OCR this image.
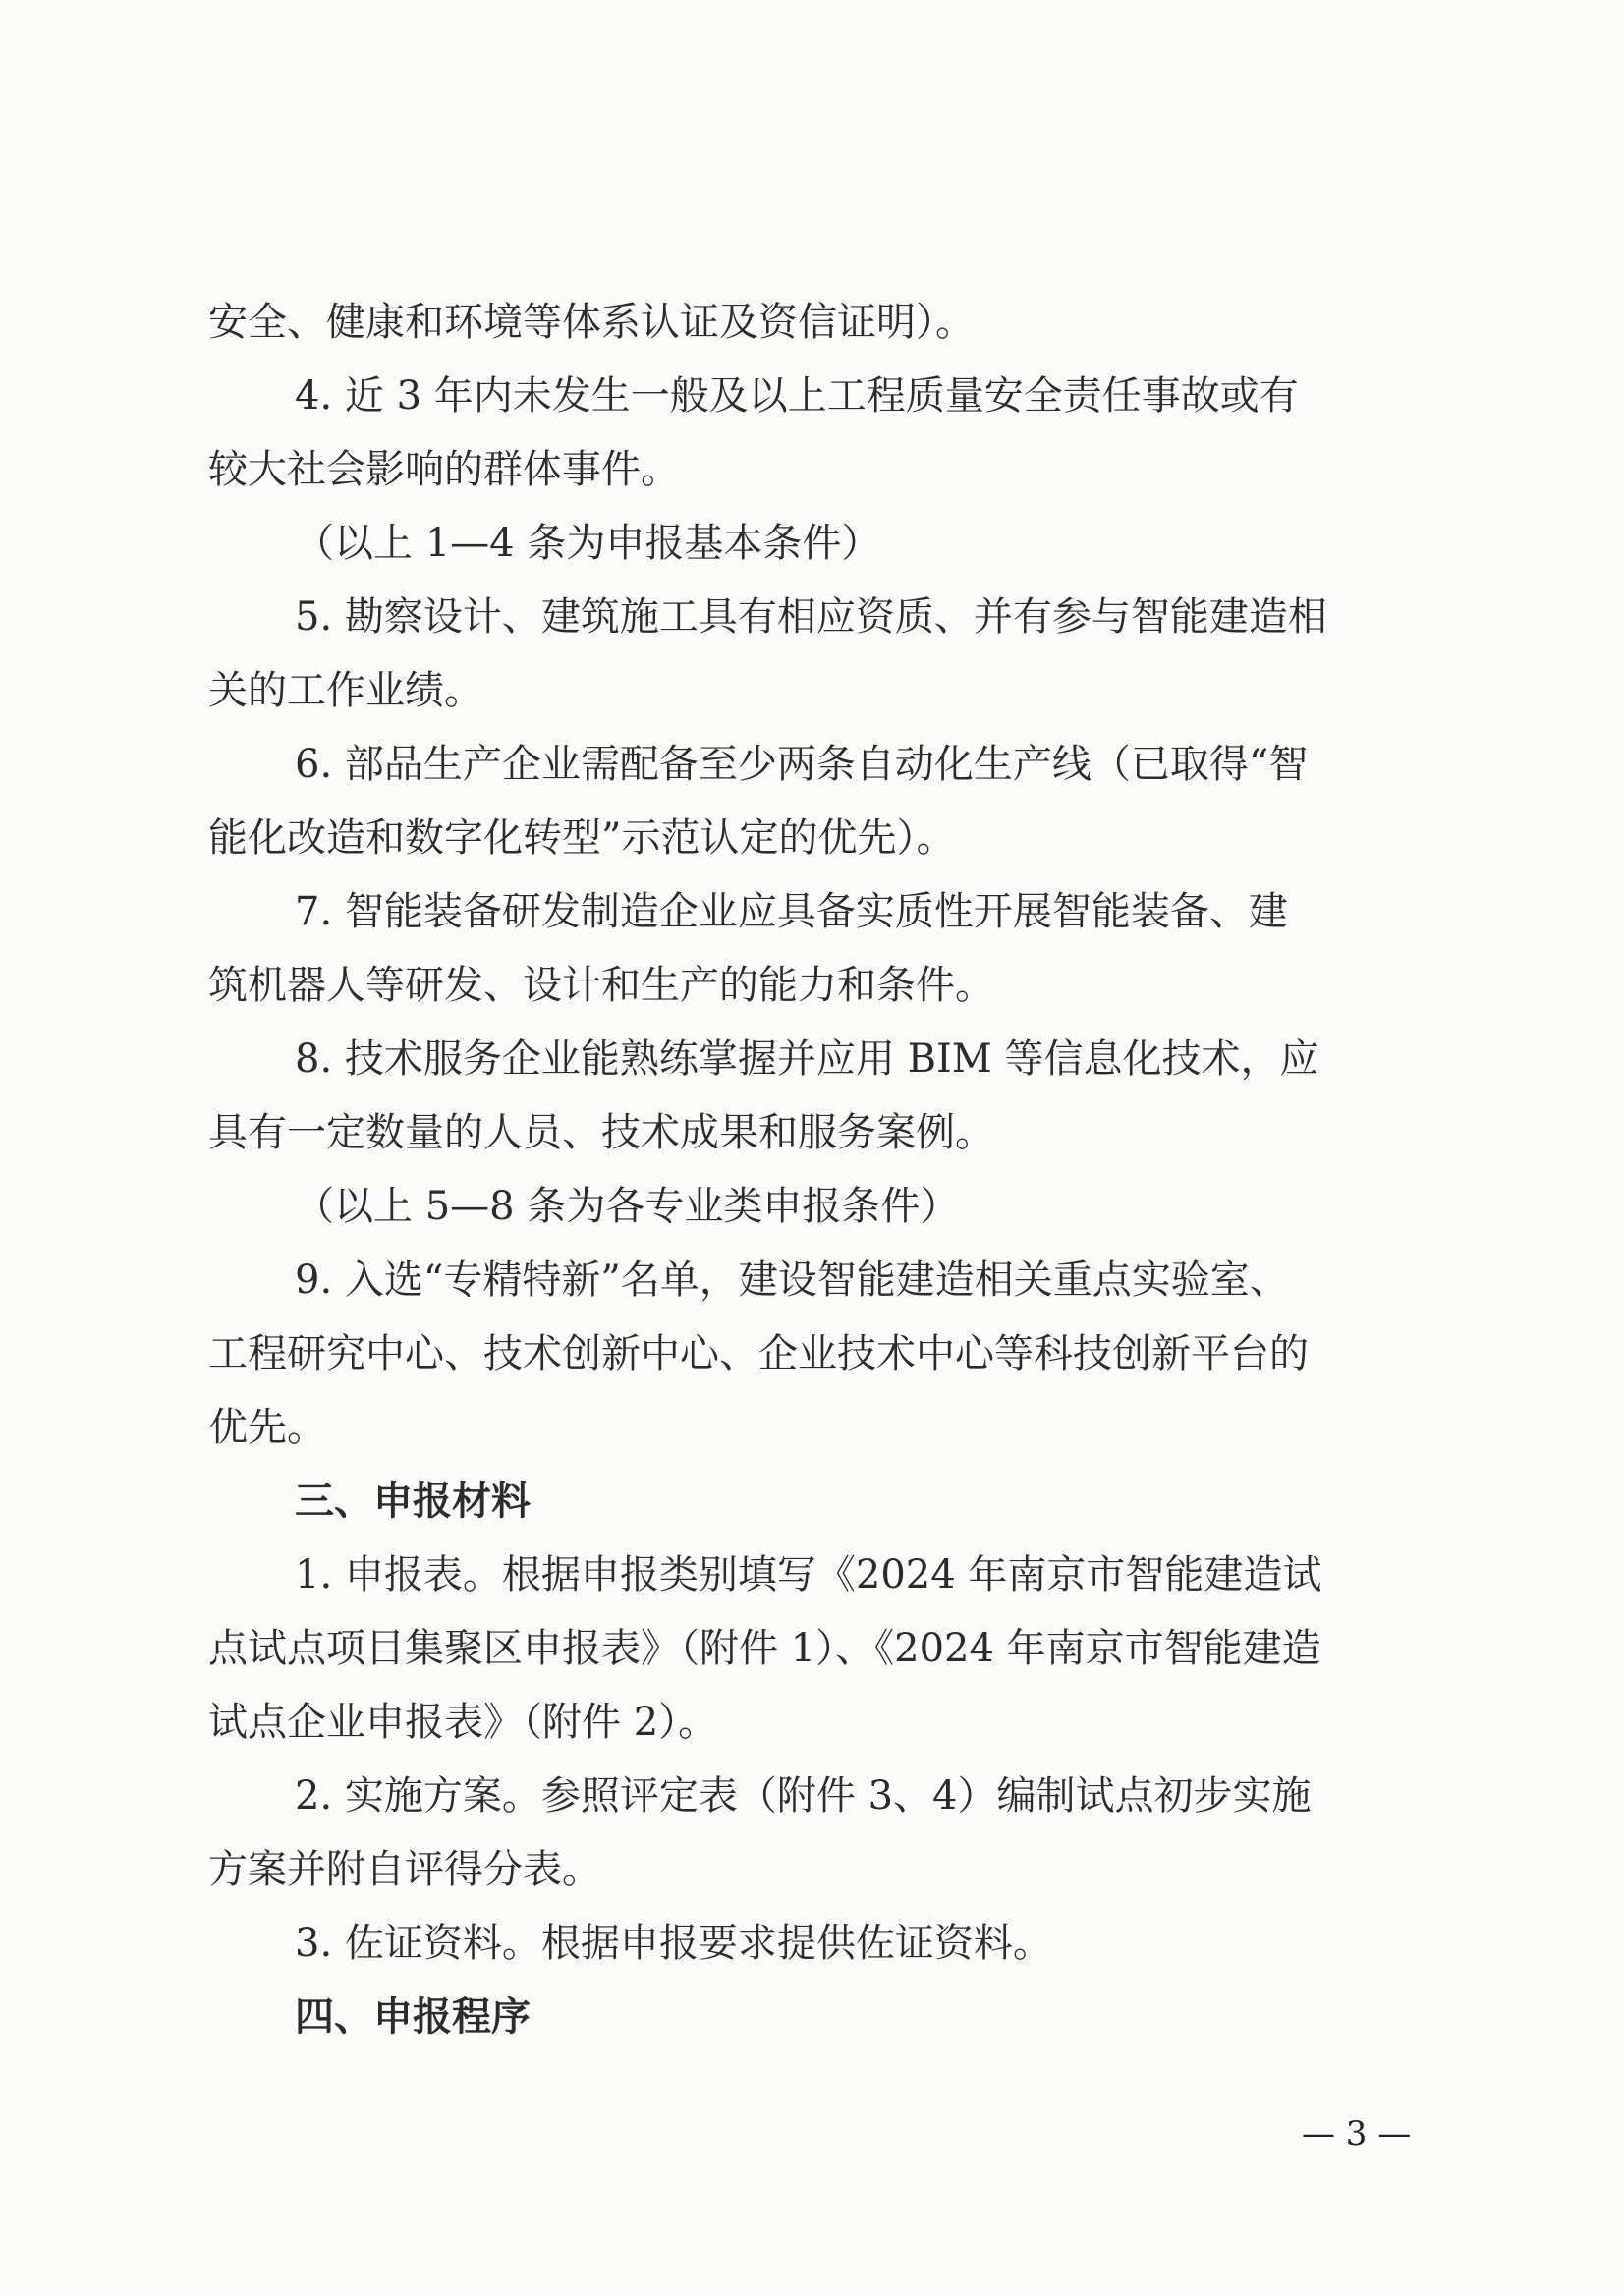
安全、健康和环境等体系认证及资信证明）。
4. 近 3 年内未发生一般及以上工程质量安全责任事故或有
较大社会影响的群体事件。
（以上 1—4 条为申报基本条件）
5. 勘察设计、建筑施工具有相应资质、并有参与智能建造相
关的工作业绩。
6. 部品生产企业需配备至少两条自动化生产线（已取得“智
能化改造和数字化转型”示范认定的优先）。
7. 智能装备研发制造企业应具备实质性开展智能装备、建
筑机器人等研发、设计和生产的能力和条件。
8. 技术服务企业能熟练掌握并应用 BIM 等信息化技术，应
具有一定数量的人员、技术成果和服务案例。
（以上 5—8 条为各专业类申报条件）
9. 入选“专精特新”名单，建设智能建造相关重点实验室、
工程研究中心、技术创新中心、企业技术中心等科技创新平台的
优先。
三、申报材料
1. 申报表。根据申报类别填写《2024 年南京市智能建造试
点试点项目集聚区申报表》（附件 1）、《2024 年南京市智能建造
试点企业申报表》（附件 2）。
2. 实施方案。参照评定表（附件 3、4）编制试点初步实施
方案并附自评得分表。
3. 佐证资料。根据申报要求提供佐证资料。
四、申报程序
— 3 —
